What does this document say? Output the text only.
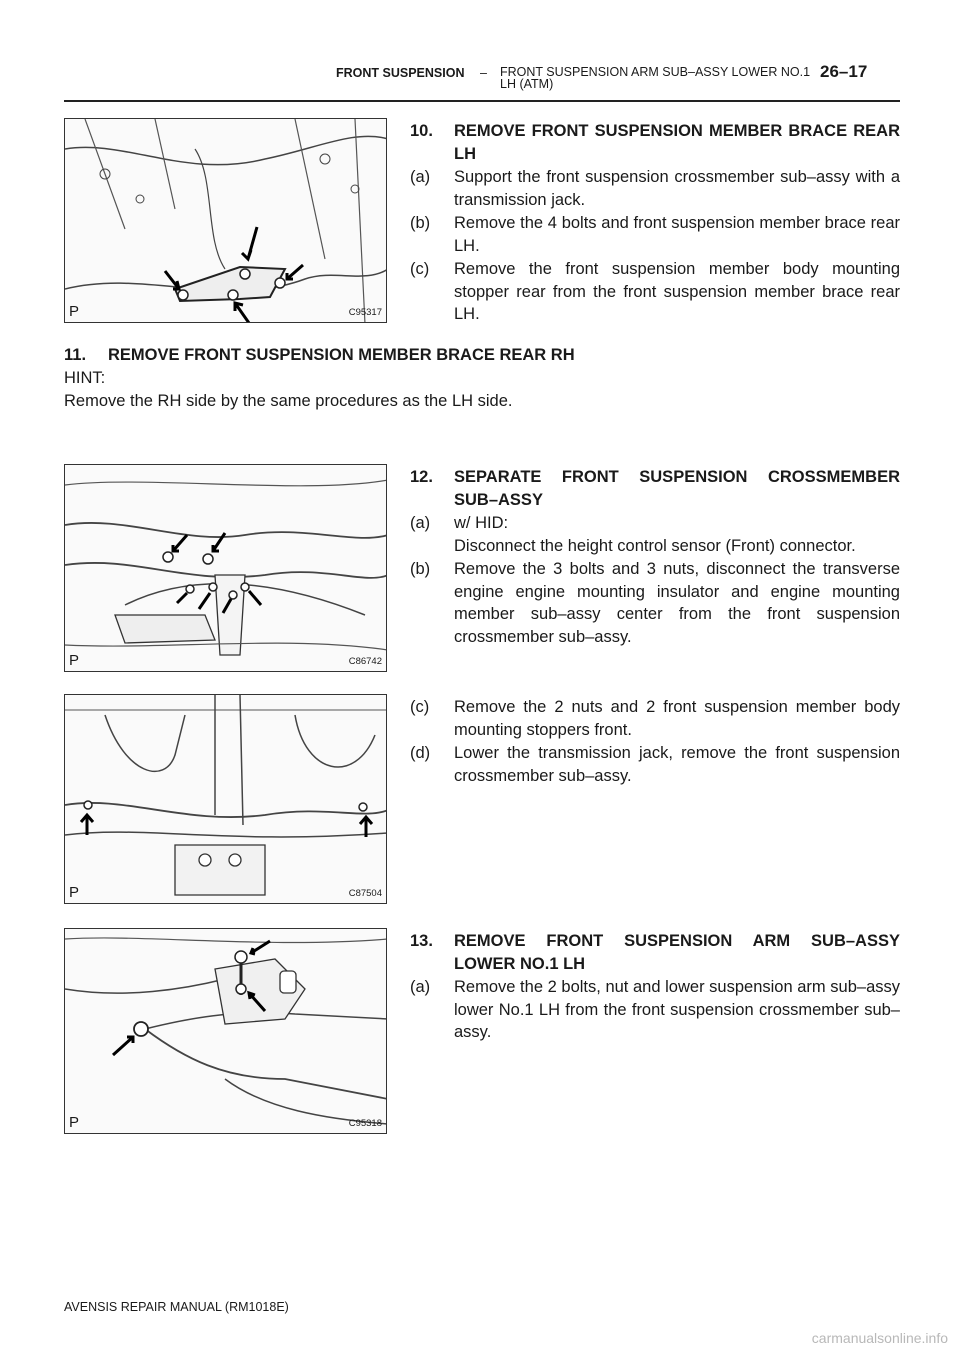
FRONT SUSPENSION – FRONT SUSPENSION ARM SUB–ASSY LOWER NO.1 LH (ATM)
26–17
P	C95317
10. REMOVE FRONT SUSPENSION MEMBER BRACE REAR LH
(a) Support the front suspension crossmember sub–assy with a transmission jack.
(b) Remove the 4 bolts and front suspension member brace rear LH.
(c) Remove the front suspension member body mounting stopper rear from the front suspension member brace rear LH.
11. REMOVE FRONT SUSPENSION MEMBER BRACE REAR RH
HINT:
Remove the RH side by the same procedures as the LH side.
P	C86742
12. SEPARATE FRONT SUSPENSION CROSSMEMBER SUB–ASSY
(a) w/ HID:
Disconnect the height control sensor (Front) connector.
(b) Remove the 3 bolts and 3 nuts, disconnect the transverse engine engine mounting insulator and engine mounting member sub–assy center from the front suspension crossmember sub–assy.
(c) Remove the 2 nuts and 2 front suspension member body mounting stoppers front.
(d) Lower the transmission jack, remove the front suspension crossmember sub–assy.
P	C87504
P	C95318
13. REMOVE FRONT SUSPENSION ARM SUB–ASSY LOWER NO.1 LH
(a) Remove the 2 bolts, nut and lower suspension arm sub–assy lower No.1 LH from the front suspension crossmember sub–assy.
AVENSIS REPAIR MANUAL (RM1018E)
carmanualsonline.info
